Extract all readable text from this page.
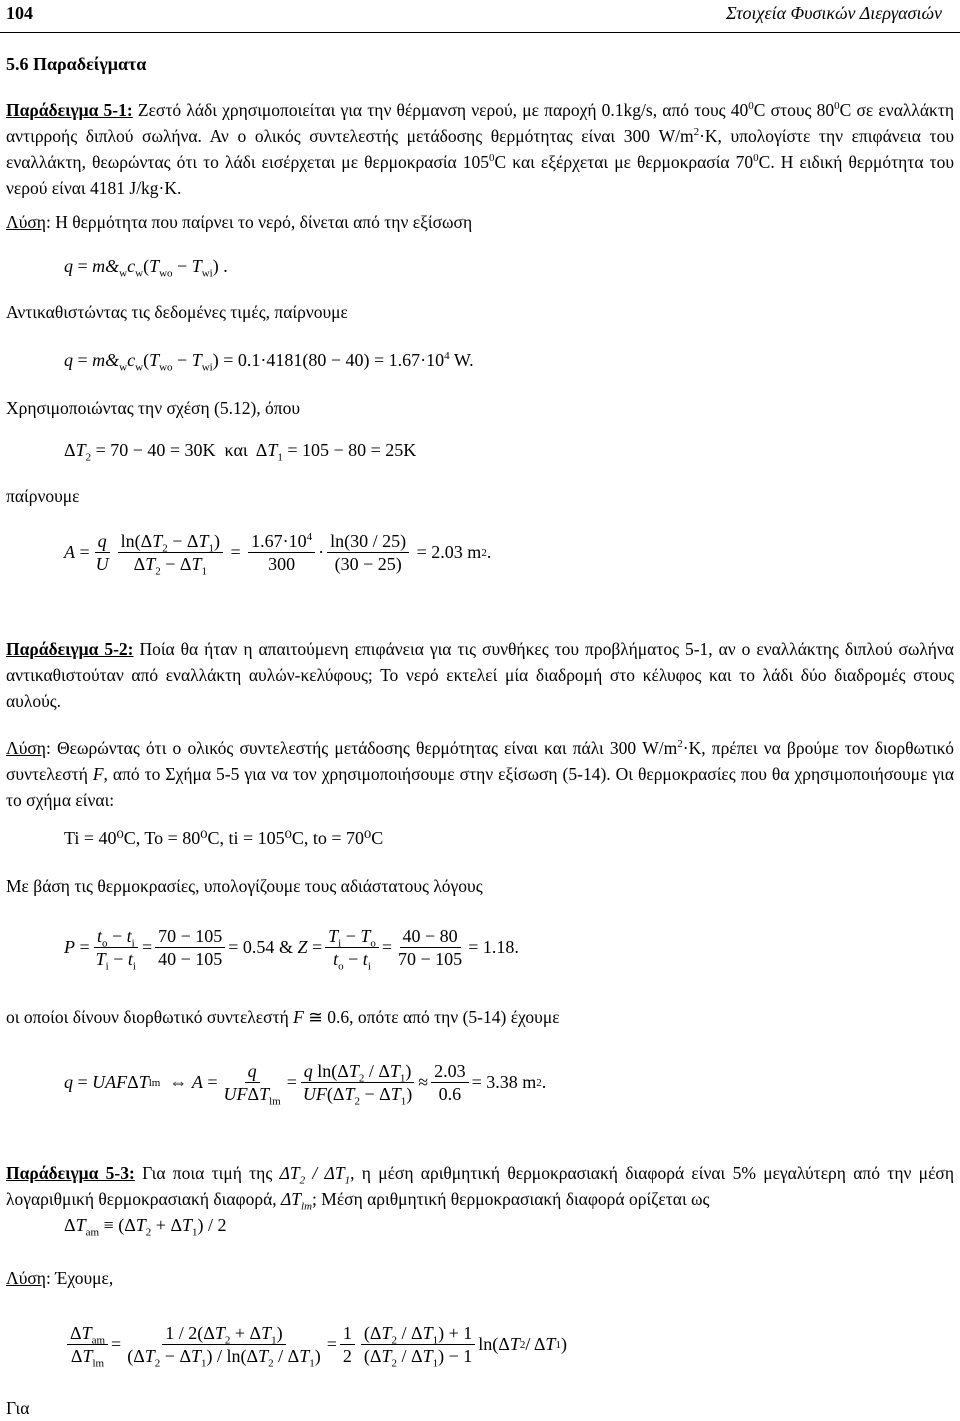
104	Στοιχεία Φυσικών Διεργασιών
5.6 Παραδείγματα
Παράδειγμα 5-1: Ζεστό λάδι χρησιμοποιείται για την θέρμανση νερού, με παροχή 0.1kg/s, από τους $40^0C$ στους $80^0C$ σε εναλλάκτη αντιρροής διπλού σωλήνα. Αν ο ολικός συντελεστής μετάδοσης θερμότητας είναι 300 $W/m^2\cdot K$, υπολογίστε την επιφάνεια του εναλλάκτη, θεωρώντας ότι το λάδι εισέρχεται με θερμοκρασία $105^0C$ και εξέρχεται με θερμοκρασία $70^0C$. Η ειδική θερμότητα του νερού είναι 4181 J/kg·K.
Λύση: Η θερμότητα που παίρνει το νερό, δίνεται από την εξίσωση
$q = m\&_wc_w(T_{wo} - T_{wi})$ .
Αντικαθιστώντας τις δεδομένες τιμές, παίρνουμε
$q = m\&_wc_w(T_{wo} - T_{wi}) = 0.1\cdot 4181(80 - 40) = 1.67\cdot 10^4$ W.
Χρησιμοποιώντας την σχέση (5.12), όπου
$\Delta T_2 = 70 - 40 = 30K$ και  $\Delta T_1 = 105 - 80 = 25K$
παίρνουμε
$A = \frac{q}{U} \frac{\ln(\Delta T_2 - \Delta T_1)}{\Delta T_2 - \Delta T_1} = \frac{1.67\cdot 10^4}{300} \cdot \frac{\ln(30 / 25)}{(30 - 25)}$
= 2.03 m 2 .
Παράδειγμα 5-2: Ποία θα ήταν η απαιτούμενη επιφάνεια για τις συνθήκες του προβλήματος 5-1, αν ο εναλλάκτης διπλού σωλήνα αντικαθιστούταν από εναλλάκτη αυλών-κελύφους; Το νερό εκτελεί μία διαδρομή στο κέλυφος και το λάδι δύο διαδρομές στους αυλούς.
Λύση: Θεωρώντας ότι ο ολικός συντελεστής μετάδοσης θερμότητας είναι και πάλι 300 $W/m^2\cdot K$, πρέπει να βρούμε τον διορθωτικό συντελεστή F, από το Σχήμα 5-5 για να τον χρησιμοποιήσουμε στην εξίσωση (5-14). Οι θερμοκρασίες που θα χρησιμοποιήσουμε για το σχήμα είναι:
Ti = 40⁰C, To = 80⁰C, ti = 105⁰C, to = 70⁰C
Με βάση τις θερμοκρασίες, υπολογίζουμε τους αδιάστατους λόγους
$P = \frac{t_o - t_i}{T_i - t_i} = \frac{70 - 105}{40 - 105} = 0.54$
&
$Z = \frac{T_i - T_o}{t_o - t_i} = \frac{40 - 80}{70 - 105} = 1.18$.
οι οποίοι δίνουν διορθωτικό συντελεστή F ≅ 0.6, οπότε από την (5-14) έχουμε
q = UAF Δ T lm ⇔ $A = \frac{q}{UF\Delta T_{lm}} = \frac{q \ln(\Delta T_2 / \Delta T_1)}{UF(\Delta T_2 - \Delta T_1)} \approx \frac{2.03}{0.6} = 3.38$ m 2 .
Παράδειγμα 5-3: Για ποια τιμή της $\Delta T_2 / \Delta T_1$, η μέση αριθμητική θερμοκρασιακή διαφορά είναι 5% μεγαλύτερη από την μέση λογαριθμική θερμοκρασιακή διαφορά, $\Delta T_{lm}$; Μέση αριθμητική θερμοκρασιακή διαφορά ορίζεται ως
$\Delta T_{am} \equiv (\Delta T_2 + \Delta T_1) / 2$
Λύση: Έχουμε,
$\frac{\Delta T_{am}}{\Delta T_{lm}} = \frac{1 / 2(\Delta T_2 + \Delta T_1)}{(\Delta T_2 - \Delta T_1) / \ln(\Delta T_2 / \Delta T_1)} = \frac{1}{2} \frac{(\Delta T_2 / \Delta T_1) + 1}{(\Delta T_2 / \Delta T_1) - 1} \ln(\Delta$ T 2 / Δ T 1 )
Για
